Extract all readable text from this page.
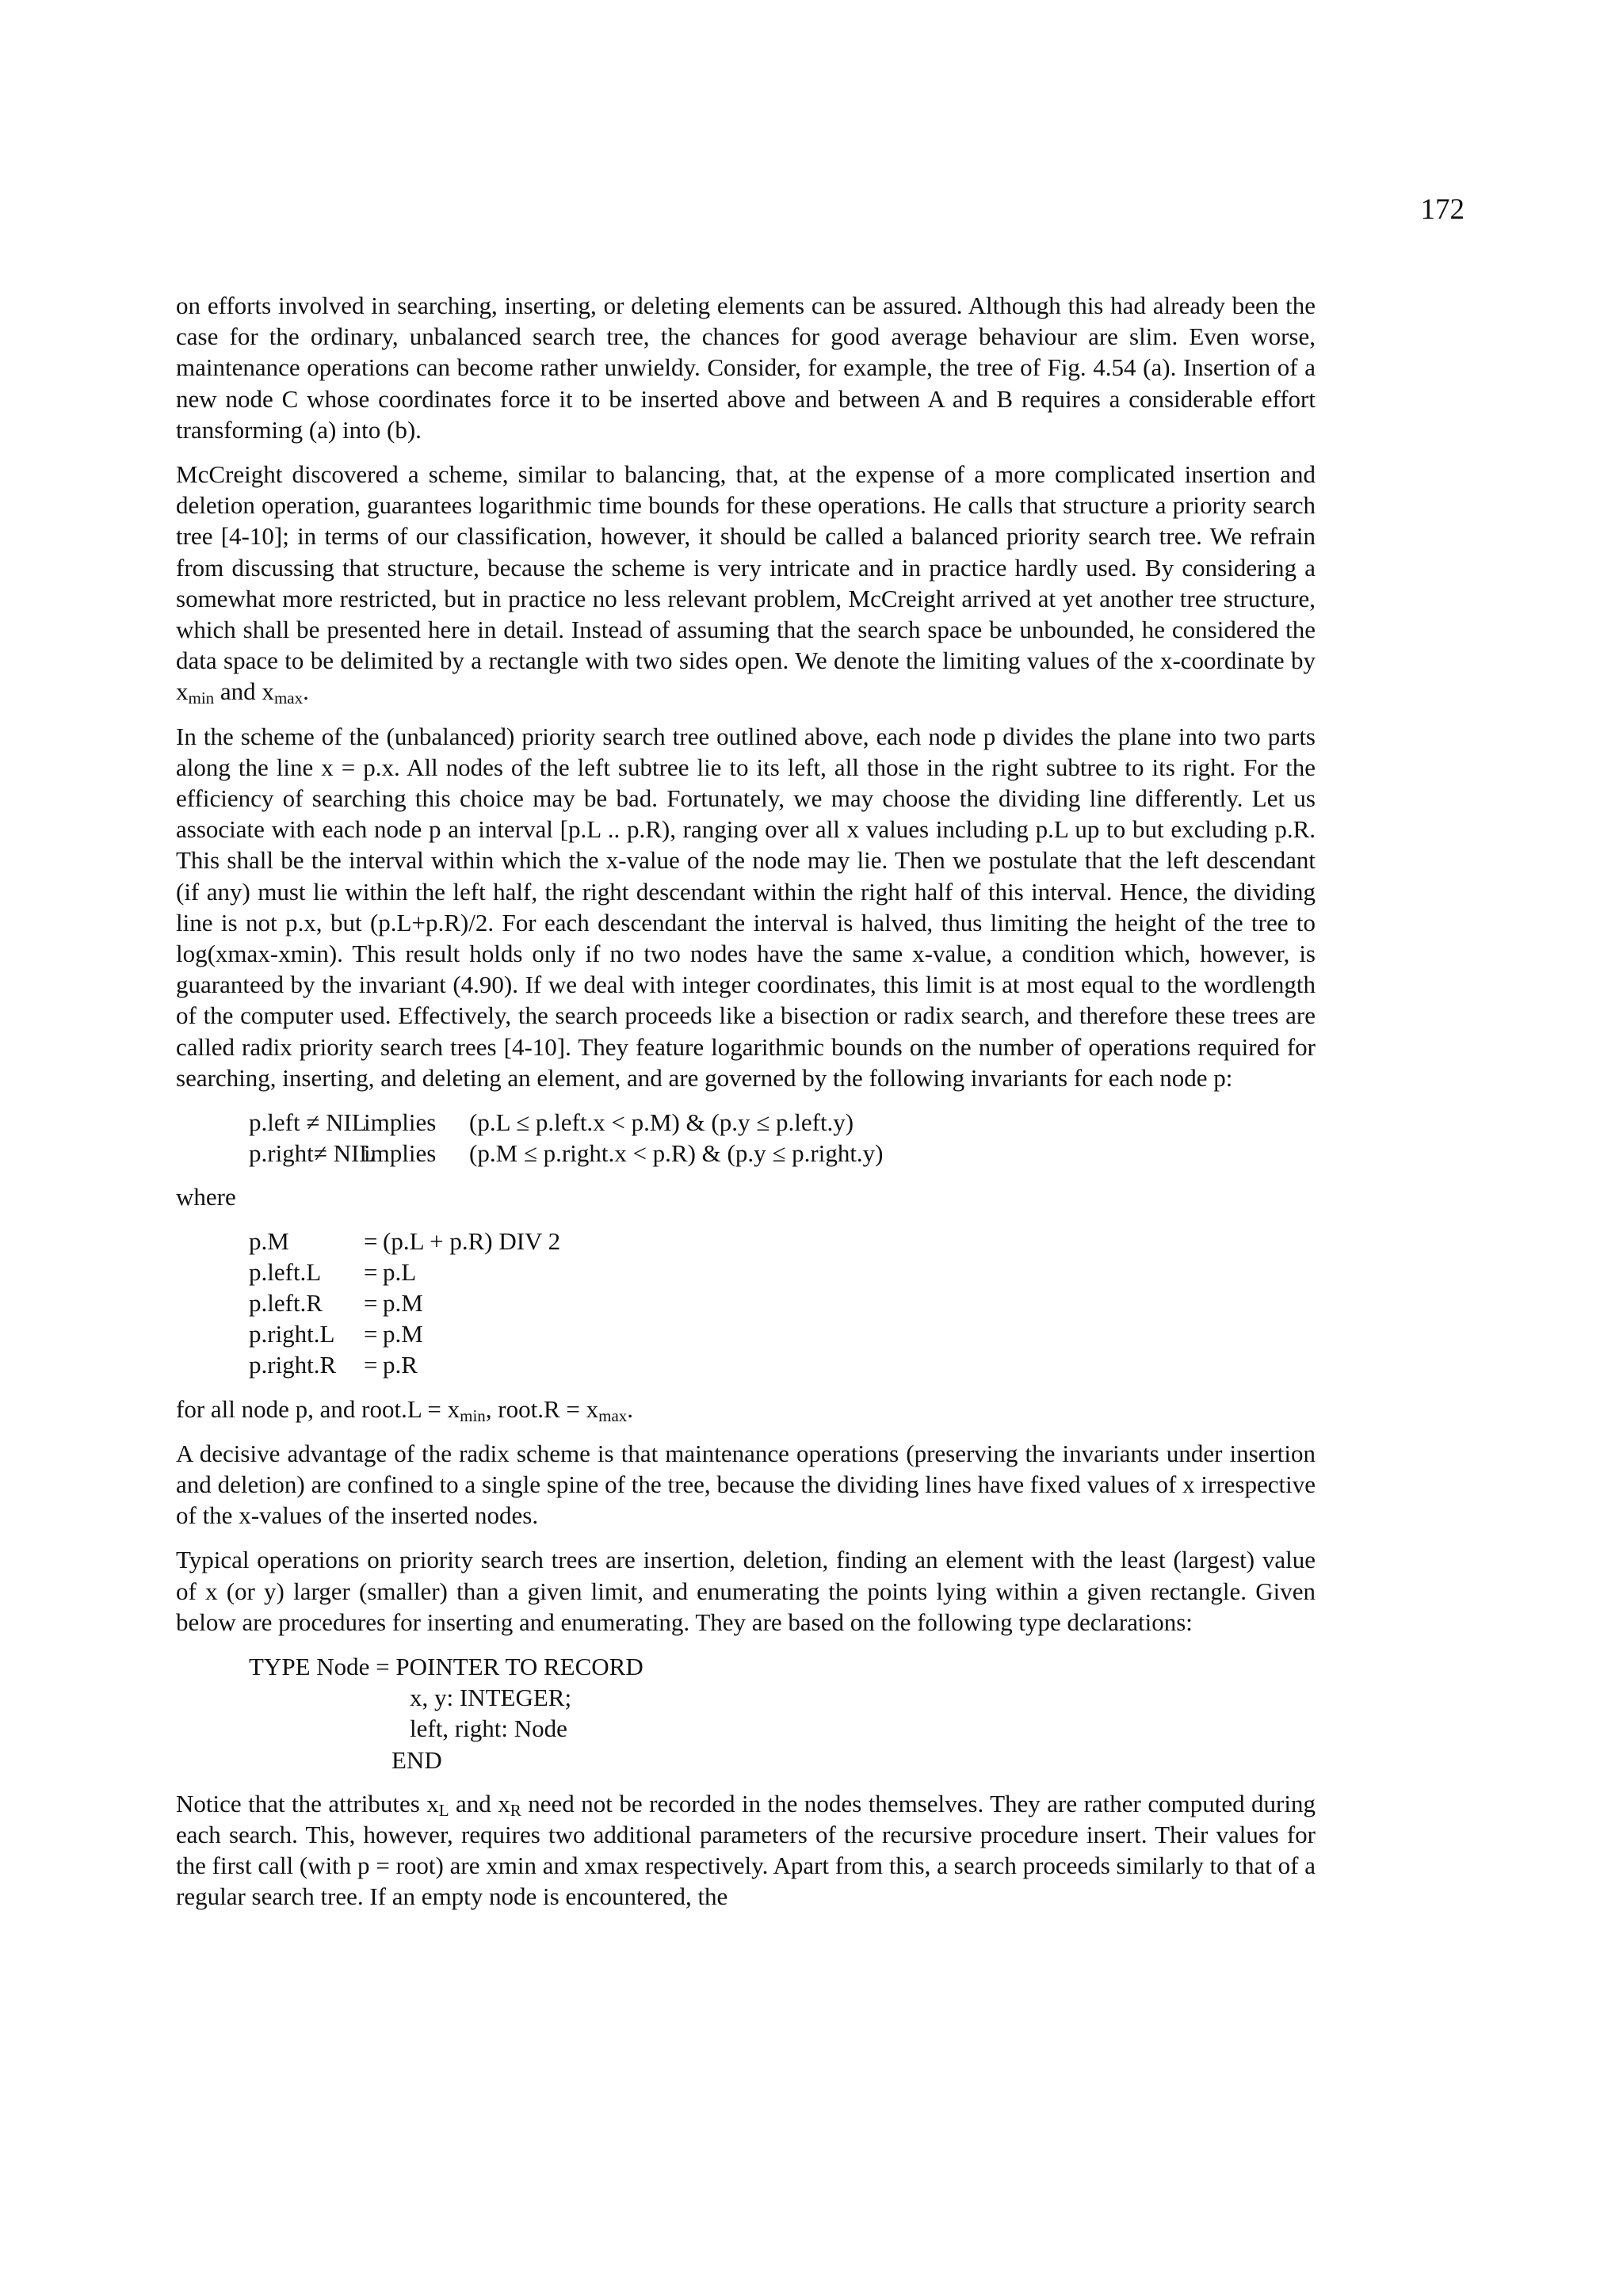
172

on efforts involved in searching, inserting, or deleting elements can be assured. Although this had already been the case for the ordinary, unbalanced search tree, the chances for good average behaviour are slim. Even worse, maintenance operations can become rather unwieldy. Consider, for example, the tree of Fig. 4.54 (a). Insertion of a new node C whose coordinates force it to be inserted above and between A and B requires a considerable effort transforming (a) into (b).

McCreight discovered a scheme, similar to balancing, that, at the expense of a more complicated insertion and deletion operation, guarantees logarithmic time bounds for these operations. He calls that structure a priority search tree [4-10]; in terms of our classification, however, it should be called a balanced priority search tree. We refrain from discussing that structure, because the scheme is very intricate and in practice hardly used. By considering a somewhat more restricted, but in practice no less relevant problem, McCreight arrived at yet another tree structure, which shall be presented here in detail. Instead of assuming that the search space be unbounded, he considered the data space to be delimited by a rectangle with two sides open. We denote the limiting values of the x-coordinate by $x_{min}$ and $x_{max}$.

In the scheme of the (unbalanced) priority search tree outlined above, each node p divides the plane into two parts along the line x = p.x. All nodes of the left subtree lie to its left, all those in the right subtree to its right. For the efficiency of searching this choice may be bad. Fortunately, we may choose the dividing line differently. Let us associate with each node p an interval [p.L .. p.R), ranging over all x values including p.L up to but excluding p.R. This shall be the interval within which the x-value of the node may lie. Then we postulate that the left descendant (if any) must lie within the left half, the right descendant within the right half of this interval. Hence, the dividing line is not p.x, but (p.L+p.R)/2. For each descendant the interval is halved, thus limiting the height of the tree to log(xmax-xmin). This result holds only if no two nodes have the same x-value, a condition which, however, is guaranteed by the invariant (4.90). If we deal with integer coordinates, this limit is at most equal to the wordlength of the computer used. Effectively, the search proceeds like a bisection or radix search, and therefore these trees are called radix priority search trees [4-10]. They feature logarithmic bounds on the number of operations required for searching, inserting, and deleting an element, and are governed by the following invariants for each node p:

p.left ≠ NILimplies (p.L ≤ p.left.x < p.M) & (p.y ≤ p.left.y)
p.right≠ NILimplies (p.M ≤ p.right.x < p.R) & (p.y ≤ p.right.y)
where
p.M	= (p.L + p.R) DIV 2
p.left.L = p.L
p.left.R = p.M
p.right.L = p.M
p.right.R = p.R

for all node p, and root.L = $x_{min}$, root.R = $x_{max}$.

A decisive advantage of the radix scheme is that maintenance operations (preserving the invariants under insertion and deletion) are confined to a single spine of the tree, because the dividing lines have fixed values of x irrespective of the x-values of the inserted nodes.

Typical operations on priority search trees are insertion, deletion, finding an element with the least (largest) value of x (or y) larger (smaller) than a given limit, and enumerating the points lying within a given rectangle. Given below are procedures for inserting and enumerating. They are based on the following type declarations:

TYPE Node = POINTER TO RECORD
x, y: INTEGER;
left, right: Node
END

Notice that the attributes $x_L$ and $x_R$ need not be recorded in the nodes themselves. They are rather computed during each search. This, however, requires two additional parameters of the recursive procedure insert. Their values for the first call (with p = root) are xmin and xmax respectively. Apart from this, a search proceeds similarly to that of a regular search tree. If an empty node is encountered, the
